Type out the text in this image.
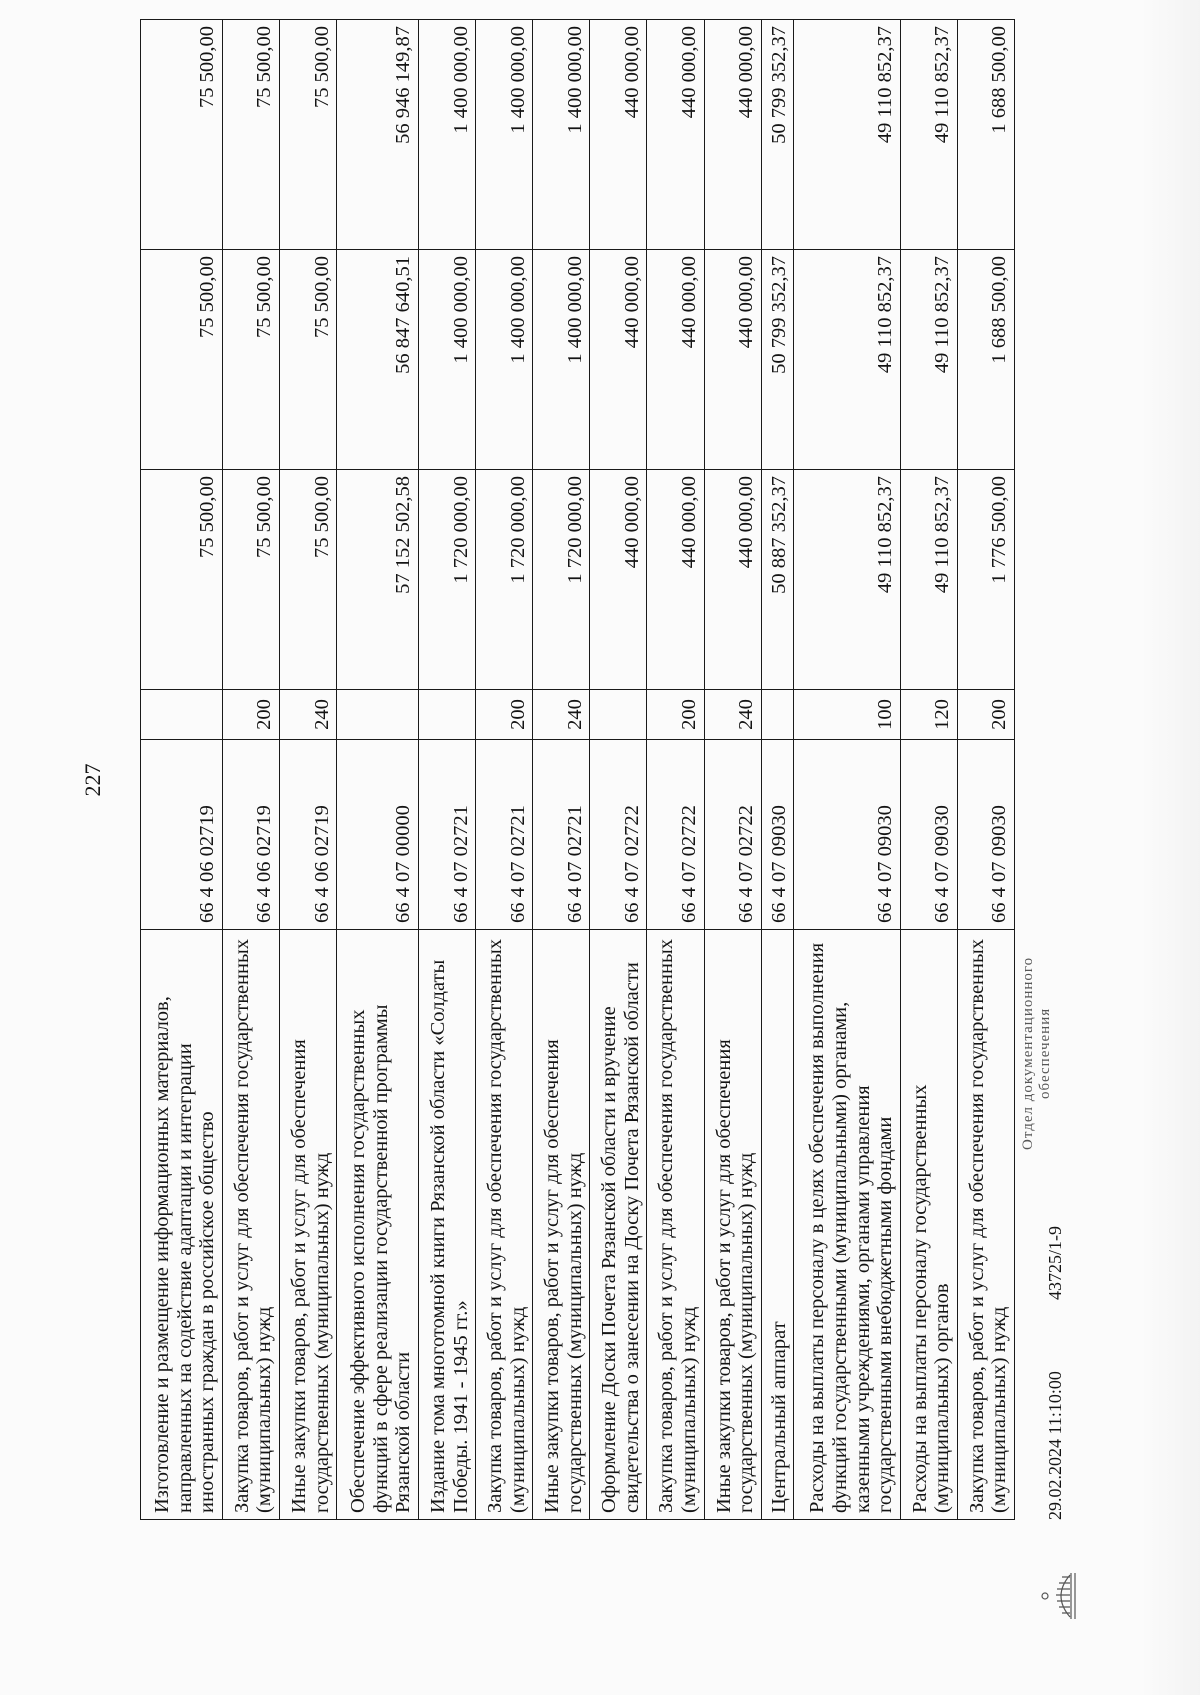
227
Изготовление и размещение информационных материалов, направленных на содействие адаптации и интеграции иностранных граждан в российское общество	66 4 06 02719		75 500,00	75 500,00	75 500,00
Закупка товаров, работ и услуг для обеспечения государственных (муниципальных) нужд	66 4 06 02719	200	75 500,00	75 500,00	75 500,00
Иные закупки товаров, работ и услуг для обеспечения государственных (муниципальных) нужд	66 4 06 02719	240	75 500,00	75 500,00	75 500,00
Обеспечение эффективного исполнения государственных функций в сфере реализации государственной программы Рязанской области	66 4 07 00000		57 152 502,58	56 847 640,51	56 946 149,87
Издание тома многотомной книги Рязанской области «Солдаты Победы. 1941 - 1945 гг.»	66 4 07 02721		1 720 000,00	1 400 000,00	1 400 000,00
Закупка товаров, работ и услуг для обеспечения государственных (муниципальных) нужд	66 4 07 02721	200	1 720 000,00	1 400 000,00	1 400 000,00
Иные закупки товаров, работ и услуг для обеспечения государственных (муниципальных) нужд	66 4 07 02721	240	1 720 000,00	1 400 000,00	1 400 000,00
Оформление Доски Почета Рязанской области и вручение свидетельства о занесении на Доску Почета Рязанской области	66 4 07 02722		440 000,00	440 000,00	440 000,00
Закупка товаров, работ и услуг для обеспечения государственных (муниципальных) нужд	66 4 07 02722	200	440 000,00	440 000,00	440 000,00
Иные закупки товаров, работ и услуг для обеспечения государственных (муниципальных) нужд	66 4 07 02722	240	440 000,00	440 000,00	440 000,00
Центральный аппарат	66 4 07 09030		50 887 352,37	50 799 352,37	50 799 352,37
Расходы на выплаты персоналу в целях обеспечения выполнения функций государственными (муниципальными) органами, казенными учреждениями, органами управления государственными внебюджетными фондами	66 4 07 09030	100	49 110 852,37	49 110 852,37	49 110 852,37
Расходы на выплаты персоналу государственных (муниципальных) органов	66 4 07 09030	120	49 110 852,37	49 110 852,37	49 110 852,37
Закупка товаров, работ и услуг для обеспечения государственных (муниципальных) нужд	66 4 07 09030	200	1 776 500,00	1 688 500,00	1 688 500,00
29.02.2024 11:10:00
43725/1-9
Отдел документационного обеспечения
